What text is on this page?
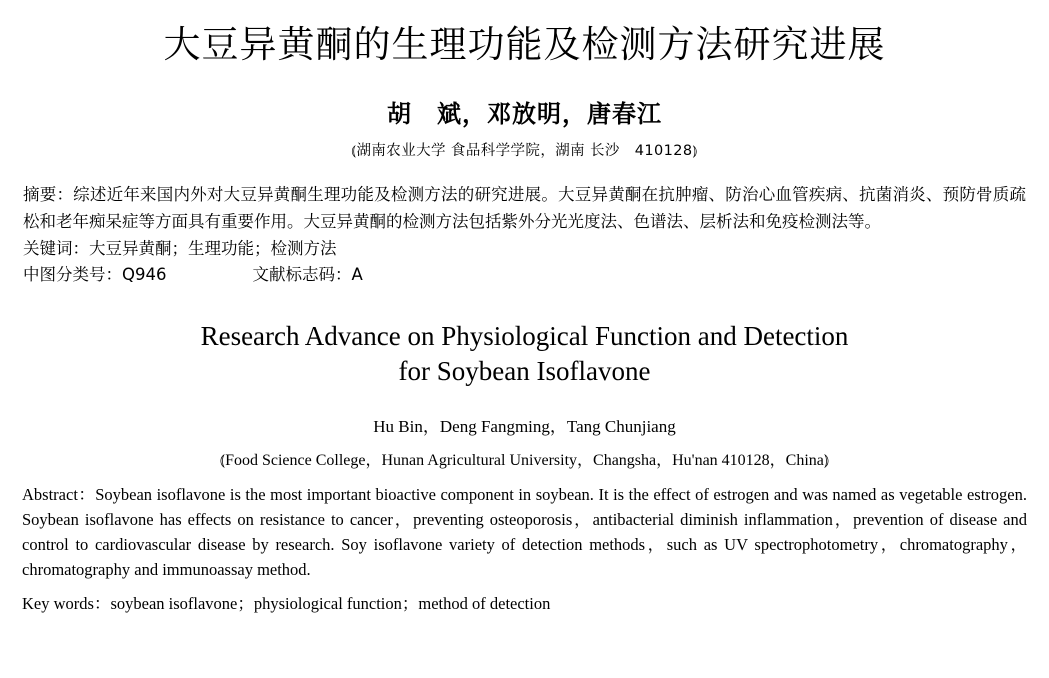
大豆异黄酮的生理功能及检测方法研究进展
胡　斌，邓放明，唐春江
⦅湖南农业大学 食品科学学院，湖南 长沙　410128⦆

摘要：综述近年来国内外对大豆异黄酮生理功能及检测方法的研究进展。大豆异黄酮在抗肿瘤、防治心血管疾病、抗菌消炎、预防骨质疏松和老年痴呆症等方面具有重要作用。大豆异黄酮的检测方法包括紫外分光光度法、色谱法、层析法和免疫检测法等。

关键词：大豆异黄酮；生理功能；检测方法

中图分类号：Q946	文献标志码：A

Research Advance on Physiological Function and Detection
for Soybean Isoflavone
Hu Bin，Deng Fangming，Tang Chunjiang
⦅Food Science College，Hunan Agricultural University，Changsha，Hu'nan 410128，China⦆
Abstract：Soybean isoflavone is the most important bioactive component in soybean. It is the effect of estrogen and was named as vegetable estrogen. Soybean isoflavone has effects on resistance to cancer，preventing osteoporosis，antibacterial diminish inflammation，prevention of disease and control to cardiovascular disease by research. Soy isoflavone variety of detection methods，such as UV spectrophotometry，chromatography，chromatography and immunoassay method.
Key words：soybean isoflavone；physiological function；method of detection
